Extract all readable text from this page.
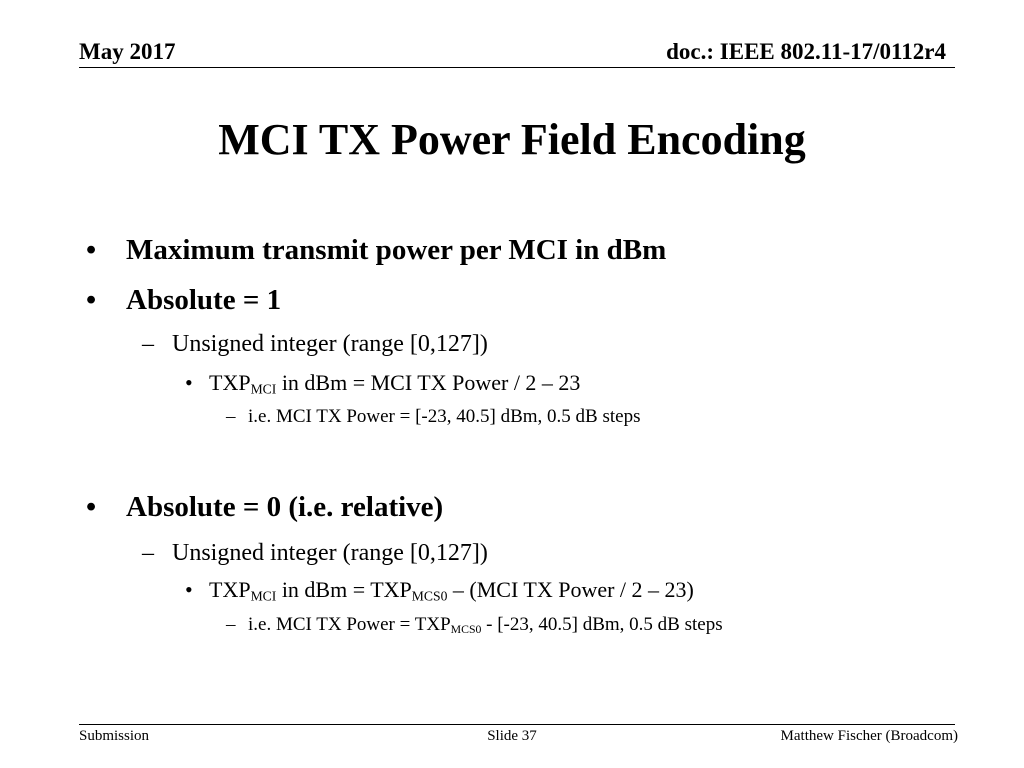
May 2017	doc.: IEEE 802.11-17/0112r4
MCI TX Power Field Encoding
• Maximum transmit power per MCI in dBm
• Absolute = 1
– Unsigned integer (range [0,127])
• $TXP_{MCI}$ in dBm = MCI TX Power / 2 – 23
– i.e. MCI TX Power = [-23, 40.5] dBm, 0.5 dB steps
• Absolute = 0 (i.e. relative)
– Unsigned integer (range [0,127])
• $TXP_{MCI}$ in dBm = $TXP_{MCS0} - (MCI$ TX Power / 2 – 23)
– i.e. MCI TX Power = $TXP_{MCS0} - [-23$, 40.5] dBm, 0.5 dB steps
Submission	Slide 37	Matthew Fischer (Broadcom)
